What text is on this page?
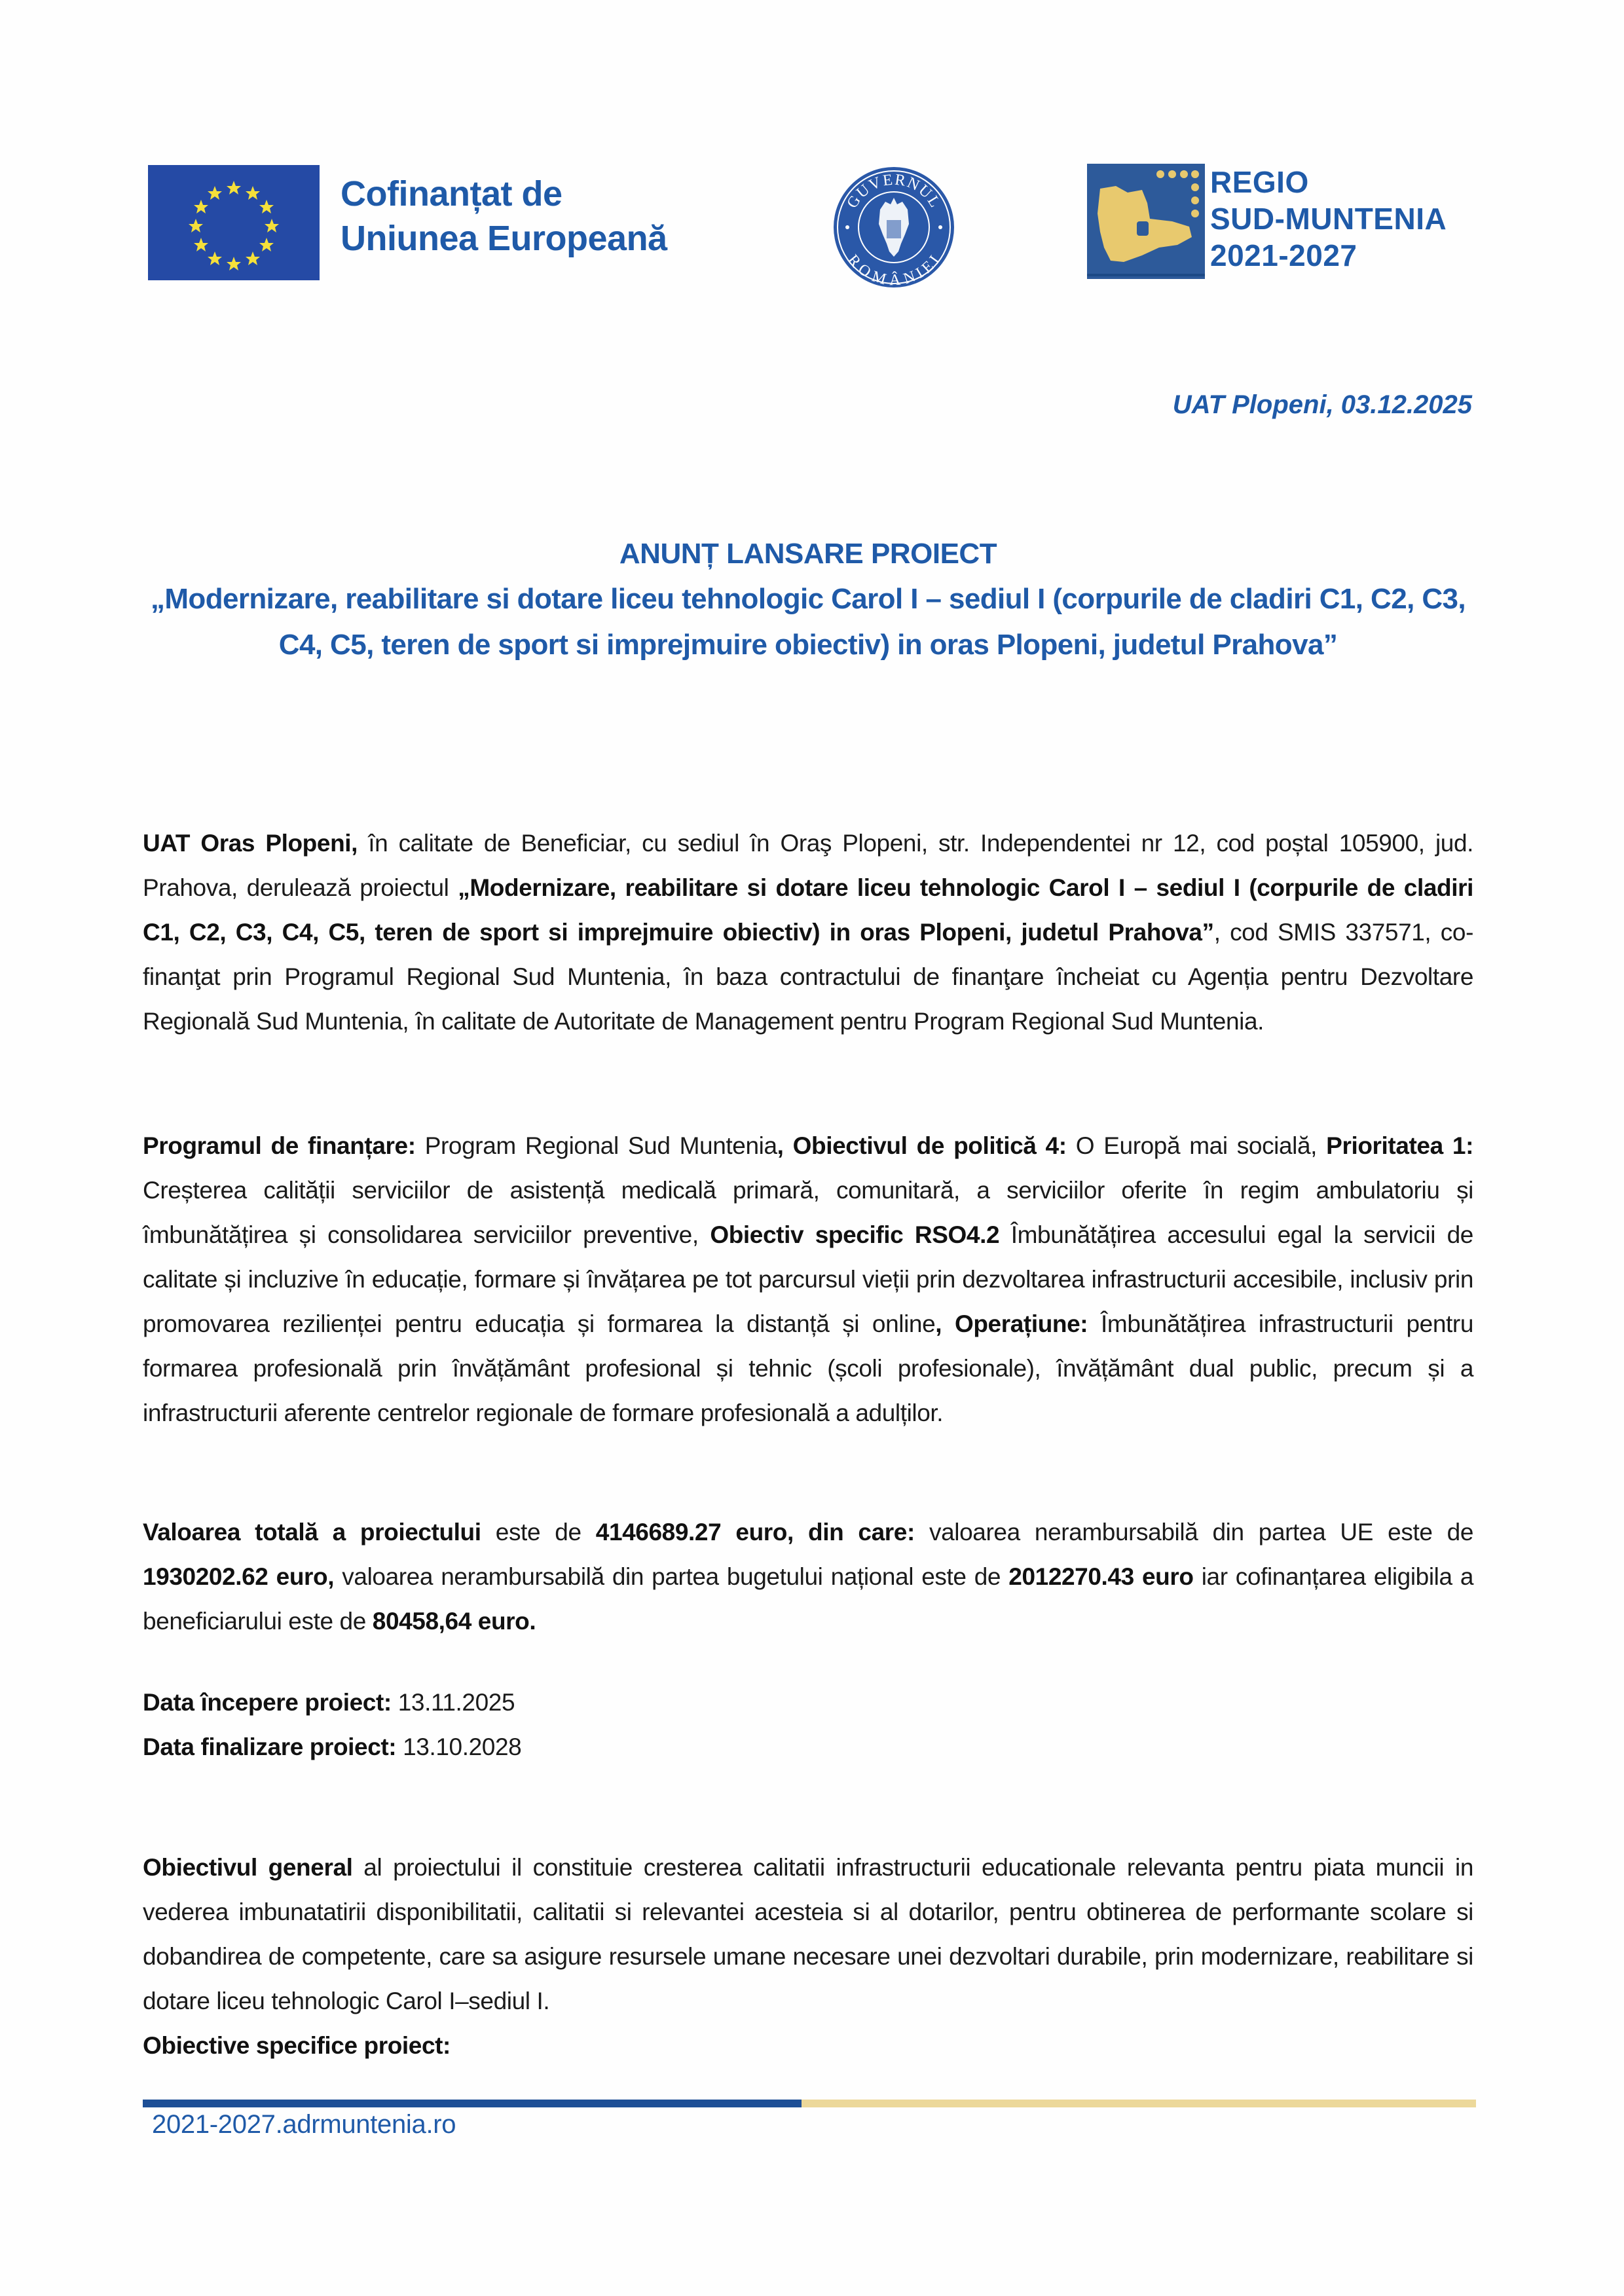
Cofinanțat de
Uniunea Europeană
GUVERNUL
ROMÂNIEI
REGIO
SUD-MUNTENIA
2021-2027
UAT Plopeni, 03.12.2025
ANUNȚ LANSARE PROIECT
„Modernizare, reabilitare si dotare liceu tehnologic Carol I – sediul I (corpurile de cladiri C1, C2, C3, C4, C5, teren de sport si imprejmuire obiectiv) in oras Plopeni, judetul Prahova”
UAT Oras Plopeni, în calitate de Beneficiar, cu sediul în Oraş Plopeni, str. Independentei nr 12, cod poștal 105900, jud. Prahova, derulează proiectul „Modernizare, reabilitare si dotare liceu tehnologic Carol I – sediul I (corpurile de cladiri C1, C2, C3, C4, C5, teren de sport si imprejmuire obiectiv) in oras Plopeni, judetul Prahova”, cod SMIS 337571, co-finanţat prin Programul Regional Sud Muntenia, în baza contractului de finanţare încheiat cu Agenția pentru Dezvoltare Regională Sud Muntenia, în calitate de Autoritate de Management pentru Program Regional Sud Muntenia.
Programul de finanțare: Program Regional Sud Muntenia, Obiectivul de politică 4: O Europă mai socială, Prioritatea 1: Creșterea calității serviciilor de asistență medicală primară, comunitară, a serviciilor oferite în regim ambulatoriu și îmbunătățirea și consolidarea serviciilor preventive, Obiectiv specific RSO4.2 Îmbunătățirea accesului egal la servicii de calitate și incluzive în educație, formare și învățarea pe tot parcursul vieții prin dezvoltarea infrastructurii accesibile, inclusiv prin promovarea rezilienței pentru educația și formarea la distanță și online, Operațiune: Îmbunătățirea infrastructurii pentru formarea profesională prin învățământ profesional și tehnic (școli profesionale), învățământ dual public, precum și a infrastructurii aferente centrelor regionale de formare profesională a adulților.
Valoarea totală a proiectului este de 4146689.27 euro, din care: valoarea nerambursabilă din partea UE este de 1930202.62 euro, valoarea nerambursabilă din partea bugetului național este de 2012270.43 euro iar cofinanțarea eligibila a beneficiarului este de 80458,64 euro.
Data începere proiect: 13.11.2025
Data finalizare proiect: 13.10.2028
Obiectivul general al proiectului il constituie cresterea calitatii infrastructurii educationale relevanta pentru piata muncii in vederea imbunatatirii disponibilitatii, calitatii si relevantei acesteia si al dotarilor, pentru obtinerea de performante scolare si dobandirea de competente, care sa asigure resursele umane necesare unei dezvoltari durabile, prin modernizare, reabilitare si dotare liceu tehnologic Carol I–sediul I.
Obiective specifice proiect:
2021-2027.adrmuntenia.ro
